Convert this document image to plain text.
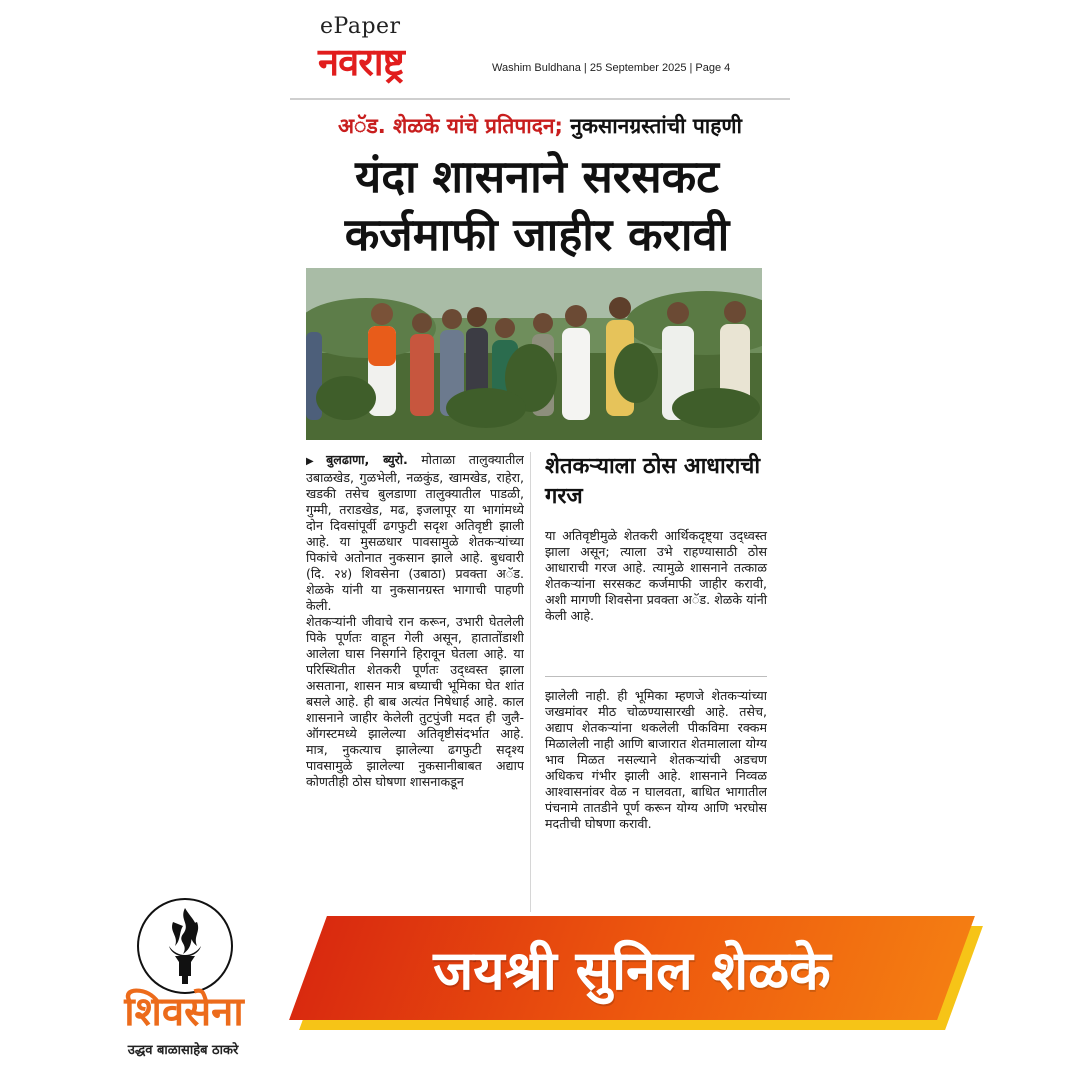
ePaper
नवराष्ट्र	Washim Buldhana | 25 September 2025 | Page 4
अॅड. शेळके यांचे प्रतिपादन; नुकसानग्रस्तांची पाहणी
यंदा शासनाने सरसकट
कर्जमाफी जाहीर करावी

▶ बुलढाणा, ब्युरो. मोताळा तालुक्यातील उबाळखेड, गुळभेली, नळकुंड, खामखेड, राहेरा, खडकी तसेच बुलडाणा तालुक्यातील पाडळी, गुम्मी, तराडखेड, मढ, इजलापूर या भागांमध्ये दोन दिवसांपूर्वी ढगफुटी सदृश अतिवृष्टी झाली आहे. या मुसळधार पावसामुळे शेतकऱ्यांच्या पिकांचे अतोनात नुकसान झाले आहे. बुधवारी (दि. २४) शिवसेना (उबाठा) प्रवक्ता अॅड. शेळके यांनी या नुकसानग्रस्त भागाची पाहणी केली.

शेतकऱ्यांनी जीवाचे रान करून, उभारी घेतलेली पिके पूर्णतः वाहून गेली असून, हातातोंडाशी आलेला घास निसर्गाने हिरावून घेतला आहे. या परिस्थितीत शेतकरी पूर्णतः उद्ध्वस्त झाला असताना, शासन मात्र बघ्याची भूमिका घेत शांत बसले आहे. ही बाब अत्यंत निषेधार्ह आहे. काल शासनाने जाहीर केलेली तुटपुंजी मदत ही जुलै-ऑगस्टमध्ये झालेल्या अतिवृष्टीसंदर्भात आहे. मात्र, नुकत्याच झालेल्या ढगफुटी सदृश्य पावसामुळे झालेल्या नुकसानीबाबत अद्याप कोणतीही ठोस घोषणा शासनाकडून

शेतकऱ्याला ठोस आधाराची गरज
या अतिवृष्टीमुळे शेतकरी आर्थिकदृष्ट्या उद्ध्वस्त झाला असून; त्याला उभे राहण्यासाठी ठोस आधाराची गरज आहे. त्यामुळे शासनाने तत्काळ शेतकऱ्यांना सरसकट कर्जमाफी जाहीर करावी, अशी मागणी शिवसेना प्रवक्ता अॅड. शेळके यांनी केली आहे.
झालेली नाही. ही भूमिका म्हणजे शेतकऱ्यांच्या जखमांवर मीठ चोळण्यासारखी आहे. तसेच, अद्याप शेतकऱ्यांना थकलेली पीकविमा रक्कम मिळालेली नाही आणि बाजारात शेतमालाला योग्य भाव मिळत नसल्याने शेतकऱ्यांची अडचण अधिकच गंभीर झाली आहे. शासनाने निव्वळ आश्वासनांवर वेळ न घालवता, बाधित भागातील पंचनामे तातडीने पूर्ण करून योग्य आणि भरघोस मदतीची घोषणा करावी.
जयश्री सुनिल शेळके
शिवसेना
उद्धव बाळासाहेब ठाकरे
